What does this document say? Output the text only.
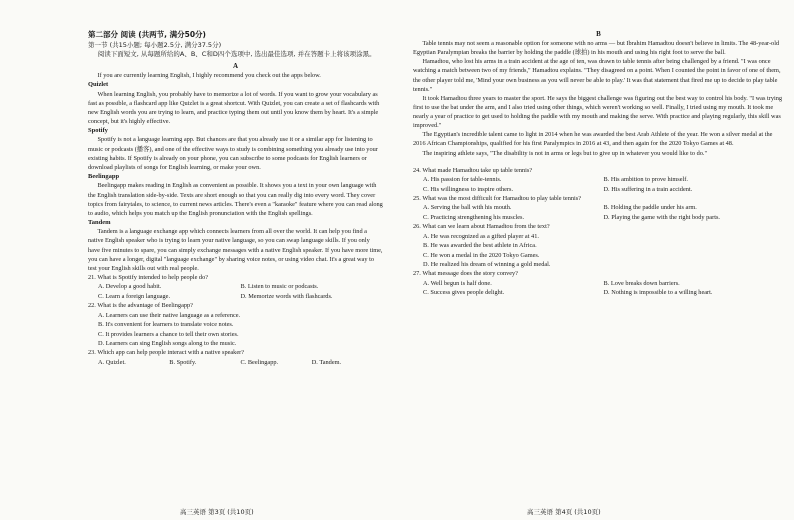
第二部分 阅读 (共两节, 满分50分)
第一节 (共15小题; 每小题2.5分, 满分37.5分)
阅读下面短文, 从每题所给的A、B、C和D四个选项中, 选出最佳选项, 并在答题卡上将该项涂黑。
A

If you are currently learning English, I highly recommend you check out the apps below.

Quizlet

When learning English, you probably have to memorize a lot of words. If you want to grow your vocabulary as fast as possible, a flashcard app like Quizlet is a great shortcut. With Quizlet, you can create a set of flashcards with new English words you are trying to learn, and practice typing them out until you know them by heart. It's a simple concept, but it's highly effective.

Spotify

Spotify is not a language learning app. But chances are that you already use it or a similar app for listening to music or podcasts (播客), and one of the effective ways to study is combining something you already use into your existing habits. If Spotify is already on your phone, you can subscribe to some podcasts for English learners or download playlists of songs for English learning, or make your own.

Beelingapp

Beelingapp makes reading in English as convenient as possible. It shows you a text in your own language with the English translation side-by-side. Texts are short enough so that you can really dig into every word. They cover topics from fairytales, to science, to current news articles. There's even a "karaoke" feature where you can read along to audio, which helps you match up the English pronunciation with the English spellings.

Tandem

Tandem is a language exchange app which connects learners from all over the world. It can help you find a native English speaker who is trying to learn your native language, so you can swap language skills. If you only have five minutes to spare, you can simply exchange messages with a native English speaker. If you have more time, you can have a longer, digital "language exchange" by sharing voice notes, or using video chat. It's a great way to test your English skills out with real people.

21. What is Spotify intended to help people do?
A. Develop a good habit.	B. Listen to music or podcasts.
C. Learn a foreign language.	D. Memorize words with flashcards.
22. What is the advantage of Beelingapp?
A. Learners can use their native language as a reference.
B. It's convenient for learners to translate voice notes.
C. It provides learners a chance to tell their own stories.
D. Learners can sing English songs along to the music.
23. Which app can help people interact with a native speaker?
A. Quizlet.	B. Spotify.	C. Beelingapp.	D. Tandem.
高三英语 第3页 (共10页)
B

Table tennis may not seem a reasonable option for someone with no arms — but Ibrahim Hamadtou doesn't believe in limits. The 48-year-old Egyptian Paralympian breaks the barrier by holding the paddle (球拍) in his mouth and using his right foot to serve the ball.

Hamadtou, who lost his arms in a train accident at the age of ten, was drawn to table tennis after being challenged by a friend. "I was once watching a match between two of my friends," Hamadtou explains. "They disagreed on a point. When I counted the point in favor of one of them, the other player told me, 'Mind your own business as you will never be able to play.' It was that statement that fired me up to decide to play table tennis."

It took Hamadtou three years to master the sport. He says the biggest challenge was figuring out the best way to control his body. "I was trying first to use the bat under the arm, and I also tried using other things, which weren't working so well. Finally, I tried using my mouth. It took me nearly a year of practice to get used to holding the paddle with my mouth and making the serve. With practice and playing regularly, this skill was improved."

The Egyptian's incredible talent came to light in 2014 when he was awarded the best Arab Athlete of the year. He won a silver medal at the 2016 African Championships, qualified for his first Paralympics in 2016 at 43, and then again for the 2020 Tokyo Games at 48.

The inspiring athlete says, "The disability is not in arms or legs but to give up in whatever you would like to do."

24. What made Hamadtou take up table tennis?
A. His passion for table-tennis.	B. His ambition to prove himself.
C. His willingness to inspire others.	D. His suffering in a train accident.
25. What was the most difficult for Hamadtou to play table tennis?
A. Serving the ball with his mouth.	B. Holding the paddle under his arm.
C. Practicing strengthening his muscles.	D. Playing the game with the right body parts.
26. What can we learn about Hamadtou from the text?
A. He was recognized as a gifted player at 41.
B. He was awarded the best athlete in Africa.
C. He won a medal in the 2020 Tokyo Games.
D. He realized his dream of winning a gold medal.
27. What message does the story convey?
A. Well begun is half done.	B. Love breaks down barriers.
C. Success gives people delight.	D. Nothing is impossible to a willing heart.
高三英语 第4页 (共10页)
